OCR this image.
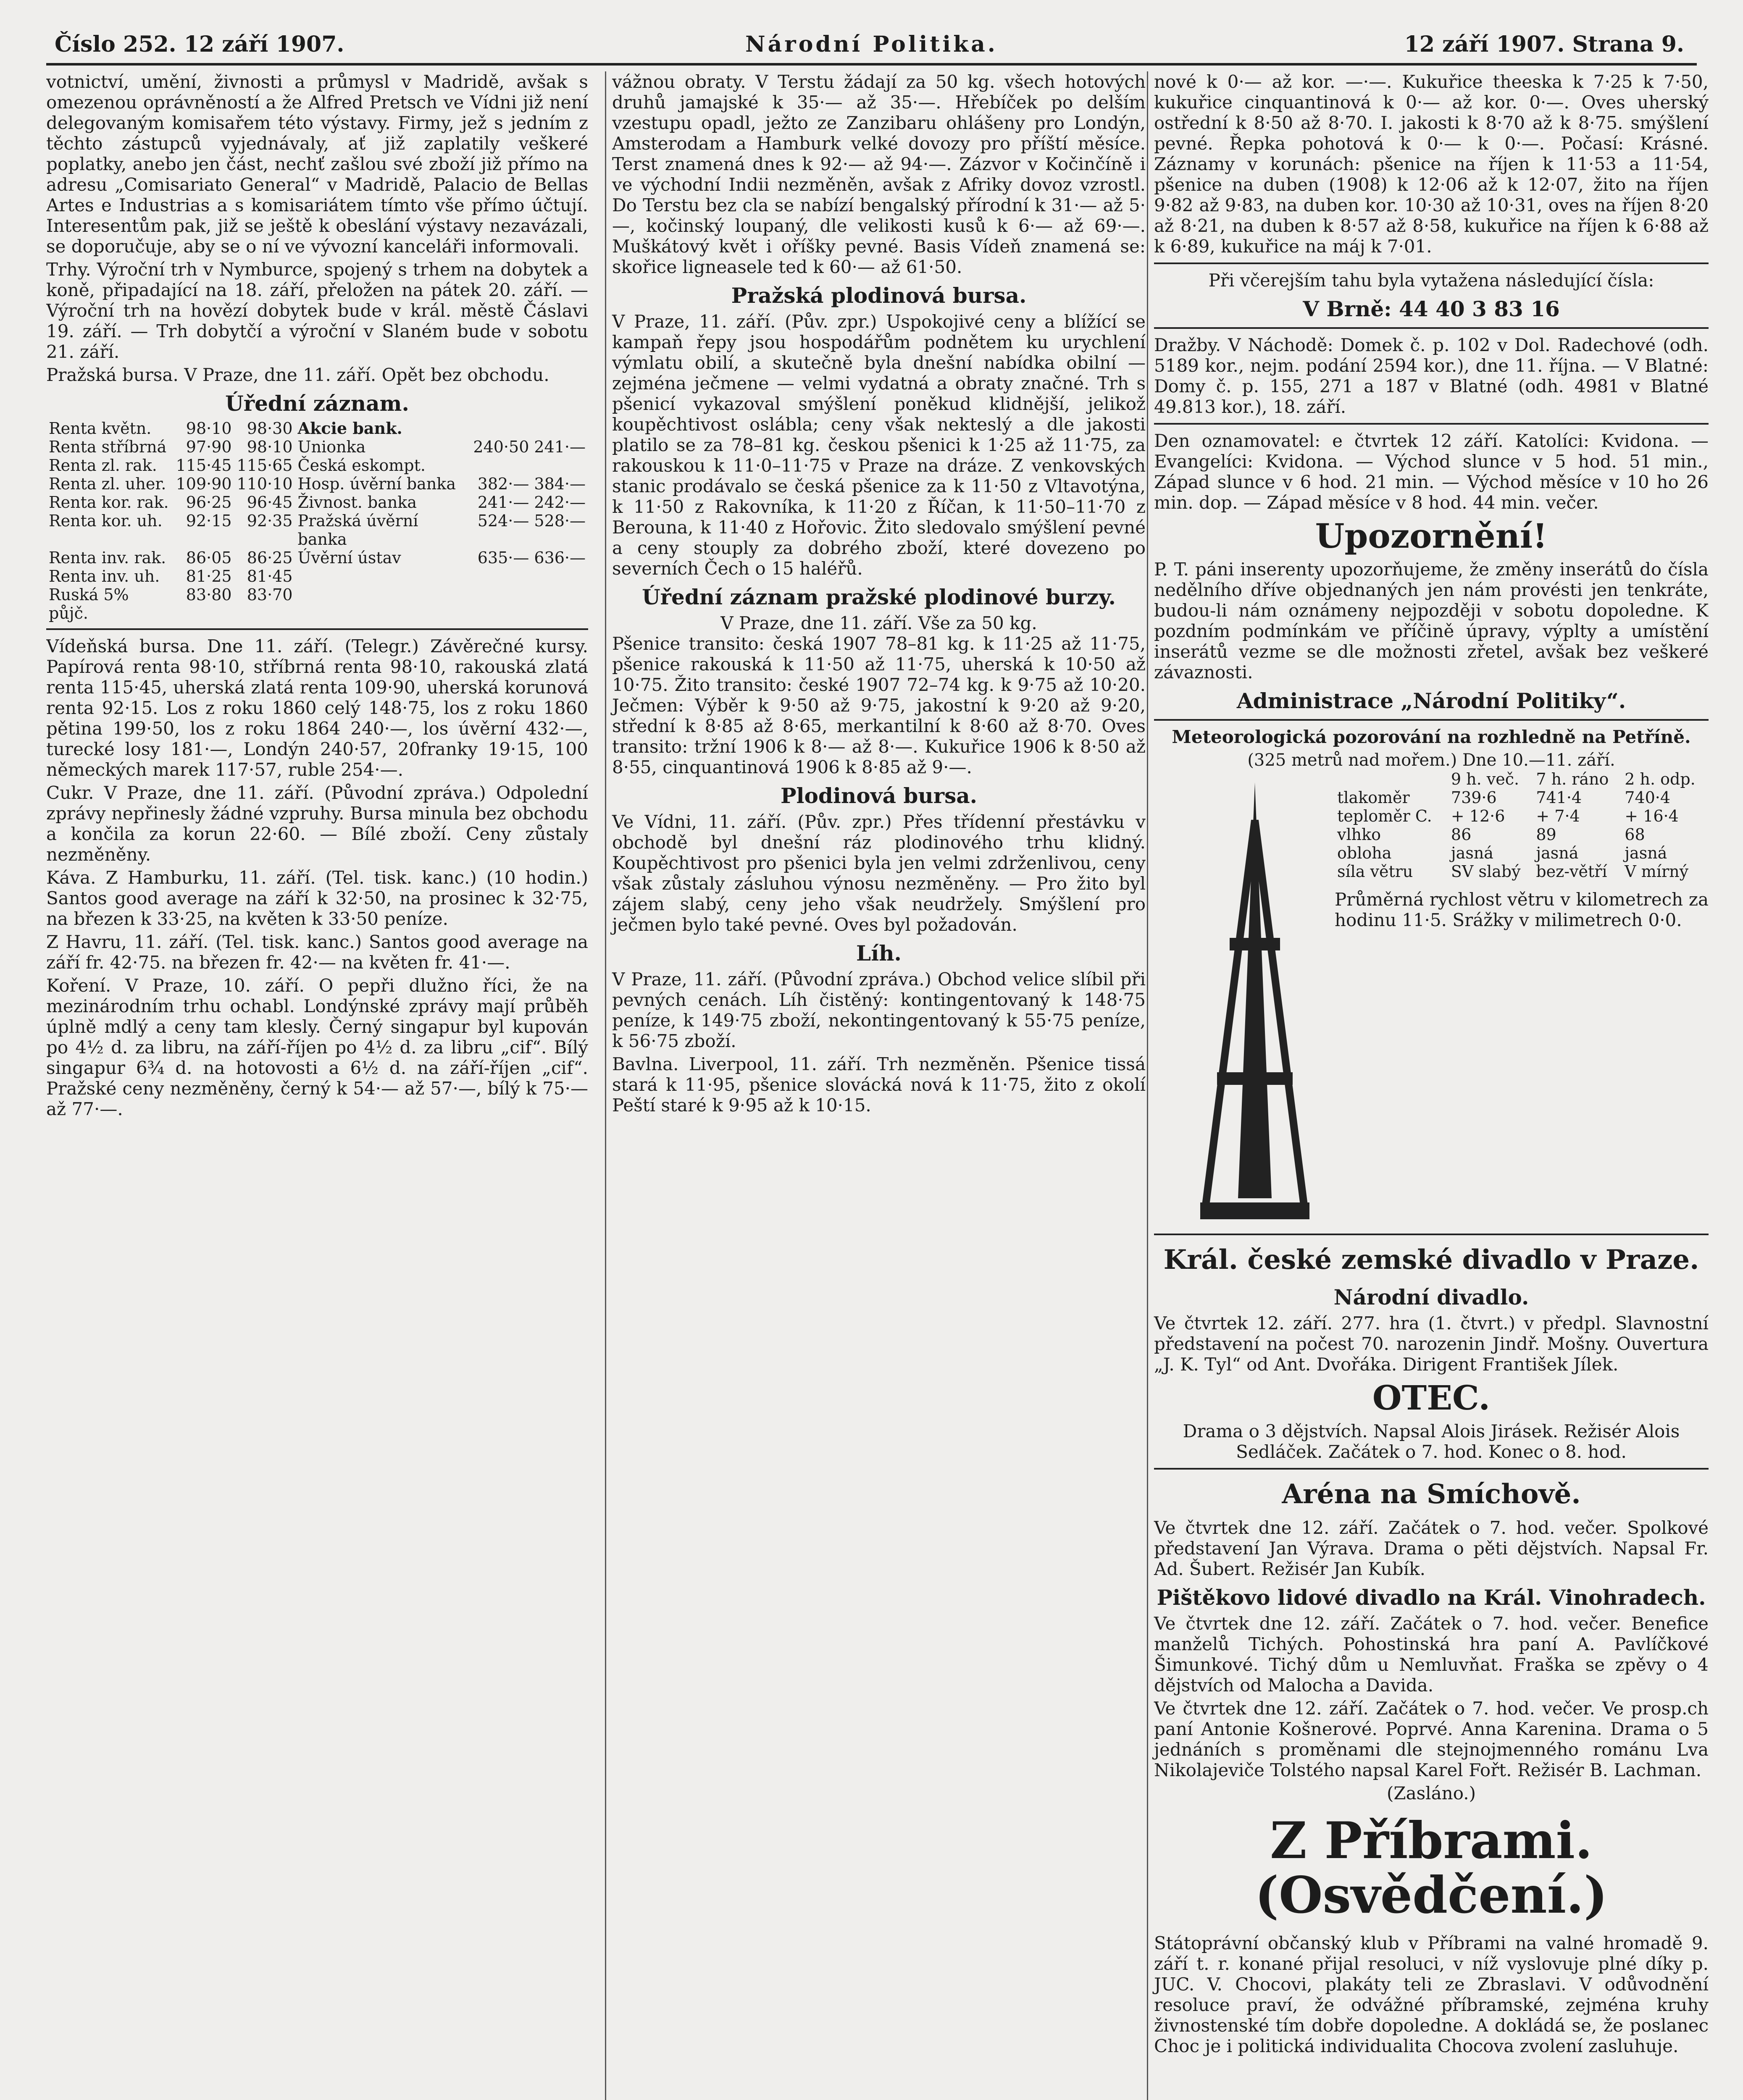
Číslo 252. 12 září 1907.	Národní Politika.	12 září 1907. Strana 9.

votnictví, umění, živnosti a průmysl v Madridě, avšak s omezenou oprávněností a že Alfred Pretsch ve Vídni již není delegovaným komisařem této výstavy. Firmy, jež s jedním z těchto zástupců vyjednávaly, ať již zaplatily veškeré poplatky, anebo jen část, nechť zašlou své zboží již přímo na adresu „Comisariato General“ v Madridě, Palacio de Bellas Artes e Industrias a s komisariátem tímto vše přímo účtují. Interesentům pak, již se ještě k obeslání výstavy nezavázali, se doporučuje, aby se o ní ve vývozní kanceláři informovali.

Trhy. Výroční trh v Nymburce, spojený s trhem na dobytek a koně, připadající na 18. září, přeložen na pátek 20. září. — Výroční trh na hovězí dobytek bude v král. městě Čáslavi 19. září. — Trh dobytčí a výroční v Slaném bude v sobotu 21. září.

Pražská bursa. V Praze, dne 11. září. Opět bez obchodu.

Úřední záznam.
Renta květn.	98·10	98·30	Akcie bank.		
Renta stříbrná	97·90	98·10	Unionka	240·50	241·—
Renta zl. rak.	115·45	115·65	Česká eskompt.		
Renta zl. uher.	109·90	110·10	Hosp. úvěrní banka	382·—	384·—
Renta kor. rak.	96·25	96·45	Živnost. banka	241·—	242·—
Renta kor. uh.	92·15	92·35	Pražská úvěrní banka	524·—	528·—
Renta inv. rak.	86·05	86·25	Úvěrní ústav	635·—	636·—
Renta inv. uh.	81·25	81·45			
Ruská 5% půjč.	83·80	83·70			

Vídeňská bursa. Dne 11. září. (Telegr.) Závěrečné kursy. Papírová renta 98·10, stříbrná renta 98·10, rakouská zlatá renta 115·45, uherská zlatá renta 109·90, uherská korunová renta 92·15. Los z roku 1860 celý 148·75, los z roku 1860 pětina 199·50, los z roku 1864 240·—, los úvěrní 432·—, turecké losy 181·—, Londýn 240·57, 20franky 19·15, 100 německých marek 117·57, ruble 254·—.

Cukr. V Praze, dne 11. září. (Původní zpráva.) Odpolední zprávy nepřinesly žádné vzpruhy. Bursa minula bez obchodu a končila za korun 22·60. — Bílé zboží. Ceny zůstaly nezměněny.

Káva. Z Hamburku, 11. září. (Tel. tisk. kanc.) (10 hodin.) Santos good average na září k 32·50, na prosinec k 32·75, na březen k 33·25, na květen k 33·50 peníze.

Z Havru, 11. září. (Tel. tisk. kanc.) Santos good average na září fr. 42·75. na březen fr. 42·— na květen fr. 41·—.

Koření. V Praze, 10. září. O pepři dlužno říci, že na mezinárodním trhu ochabl. Londýnské zprávy mají průběh úplně mdlý a ceny tam klesly. Černý singapur byl kupován po 4½ d. za libru, na září-říjen po 4½ d. za libru „cif“. Bílý singapur 6¾ d. na hotovosti a 6½ d. na září-říjen „cif“. Pražské ceny nezměněny, černý k 54·— až 57·—, bílý k 75·— až 77·—.

vážnou obraty. V Terstu žádají za 50 kg. všech hotových druhů jamajské k 35·— až 35·—. Hřebíček po delším vzestupu opadl, ježto ze Zanzibaru ohlášeny pro Londýn, Amsterodam a Hamburk velké dovozy pro příští měsíce. Terst znamená dnes k 92·— až 94·—. Zázvor v Kočinčíně i ve východní Indii nezměněn, avšak z Afriky dovoz vzrostl. Do Terstu bez cla se nabízí bengalský přírodní k 31·— až 5·—, kočinský loupaný, dle velikosti kusů k 6·— až 69·—. Muškátový květ i oříšky pevné. Basis Vídeň znamená se: skořice ligneasele ted k 60·— až 61·50.

Pražská plodinová bursa.

V Praze, 11. září. (Pův. zpr.) Uspokojivé ceny a blížící se kampaň řepy jsou hospodářům podnětem ku urychlení výmlatu obilí, a skutečně byla dnešní nabídka obilní — zejména ječmene — velmi vydatná a obraty značné. Trh s pšenicí vykazoval smýšlení poněkud klidnější, jelikož koupěchtivost oslábla; ceny však nekteslý a dle jakosti platilo se za 78–81 kg. českou pšenici k 1·25 až 11·75, za rakouskou k 11·0–11·75 v Praze na dráze. Z venkovských stanic prodávalo se česká pšenice za k 11·50 z Vltavotýna, k 11·50 z Rakovníka, k 11·20 z Říčan, k 11·50–11·70 z Berouna, k 11·40 z Hořovic. Žito sledovalo smýšlení pevné a ceny stouply za dobrého zboží, které dovezeno po severních Čech o 15 haléřů.

Úřední záznam pražské plodinové burzy.
V Praze, dne 11. září. Vše za 50 kg.

Pšenice transito: česká 1907 78–81 kg. k 11·25 až 11·75, pšenice rakouská k 11·50 až 11·75, uherská k 10·50 až 10·75. Žito transito: české 1907 72–74 kg. k 9·75 až 10·20. Ječmen: Výběr k 9·50 až 9·75, jakostní k 9·20 až 9·20, střední k 8·85 až 8·65, merkantilní k 8·60 až 8·70. Oves transito: tržní 1906 k 8·— až 8·—. Kukuřice 1906 k 8·50 až 8·55, cinquantinová 1906 k 8·85 až 9·—.

Plodinová bursa.

Ve Vídni, 11. září. (Pův. zpr.) Přes třídenní přestávku v obchodě byl dnešní ráz plodinového trhu klidný. Koupěchtivost pro pšenici byla jen velmi zdrženlivou, ceny však zůstaly zásluhou výnosu nezměněny. — Pro žito byl zájem slabý, ceny jeho však neudržely. Smýšlení pro ječmen bylo také pevné. Oves byl požadován.

Líh.

V Praze, 11. září. (Původní zpráva.) Obchod velice slíbil při pevných cenách. Líh čistěný: kontingentovaný k 148·75 peníze, k 149·75 zboží, nekontingentovaný k 55·75 peníze, k 56·75 zboží.

Bavlna. Liverpool, 11. září. Trh nezměněn. Pšenice tissá stará k 11·95, pšenice slovácká nová k 11·75, žito z okolí Peští staré k 9·95 až k 10·15.

nové k 0·— až kor. —·—. Kukuřice theeska k 7·25 k 7·50, kukuřice cinquantinová k 0·— až kor. 0·—. Oves uherský ostřední k 8·50 až 8·70. I. jakosti k 8·70 až k 8·75. smýšlení pevné. Řepka pohotová k 0·— k 0·—. Počasí: Krásné. Záznamy v korunách: pšenice na říjen k 11·53 a 11·54, pšenice na duben (1908) k 12·06 až k 12·07, žito na říjen 9·82 až 9·83, na duben kor. 10·30 až 10·31, oves na říjen 8·20 až 8·21, na duben k 8·57 až 8·58, kukuřice na říjen k 6·88 až k 6·89, kukuřice na máj k 7·01.

Při včerejším tahu byla vytažena následující čísla:

V Brně: 44 40 3 83 16

Dražby. V Náchodě: Domek č. p. 102 v Dol. Radechové (odh. 5189 kor., nejm. podání 2594 kor.), dne 11. října. — V Blatné: Domy č. p. 155, 271 a 187 v Blatné (odh. 4981 v Blatné 49.813 kor.), 18. září.

Den oznamovatel: e čtvrtek 12 září. Katolíci: Kvidona. — Evangelíci: Kvidona. — Východ slunce v 5 hod. 51 min., Západ slunce v 6 hod. 21 min. — Východ měsíce v 10 ho 26 min. dop. — Západ měsíce v 8 hod. 44 min. večer.

Upozornění!

P. T. páni inserenty upozorňujeme, že změny inserátů do čísla nedělního dříve objednaných jen nám provésti jen tenkráte, budou-li nám oznámeny nejpozději v sobotu dopoledne. K pozdním podmínkám ve příčině úpravy, výplty a umístění inserátů vezme se dle možnosti zřetel, avšak bez veškeré závaznosti.

Administrace „Národní Politiky“.
Meteorologická pozorování na rozhledně na Petříně.
(325 metrů nad mořem.) Dne 10.—11. září.
	9 h. več.	7 h. ráno	2 h. odp.
tlakoměr	739·6	741·4	740·4
teploměr C.	+ 12·6	+ 7·4	+ 16·4
vlhko	86	89	68
obloha	jasná	jasná	jasná
síla větru	SV slabý	bez-větří	V mírný

Průměrná rychlost větru v kilometrech za hodinu 11·5. Srážky v milimetrech 0·0.

Král. české zemské divadlo v Praze.
Národní divadlo.

Ve čtvrtek 12. září. 277. hra (1. čtvrt.) v předpl. Slavnostní představení na počest 70. narozenin Jindř. Mošny. Ouvertura „J. K. Tyl“ od Ant. Dvořáka. Dirigent František Jílek.

OTEC.

Drama o 3 dějstvích. Napsal Alois Jirásek. Režisér Alois Sedláček. Začátek o 7. hod. Konec o 8. hod.

Aréna na Smíchově.

Ve čtvrtek dne 12. září. Začátek o 7. hod. večer. Spolkové představení Jan Výrava. Drama o pěti dějstvích. Napsal Fr. Ad. Šubert. Režisér Jan Kubík.

Pištěkovo lidové divadlo na Král. Vinohradech.

Ve čtvrtek dne 12. září. Začátek o 7. hod. večer. Benefice manželů Tichých. Pohostinská hra paní A. Pavlíčkové Šimunkové. Tichý dům u Nemluvňat. Fraška se zpěvy o 4 dějstvích od Malocha a Davida.

Ve čtvrtek dne 12. září. Začátek o 7. hod. večer. Ve prosp.ch paní Antonie Košnerové. Poprvé. Anna Karenina. Drama o 5 jednáních s proměnami dle stejnojmenného románu Lva Nikolajeviče Tolstého napsal Karel Fořt. Režisér B. Lachman.

(Zasláno.)
Z Příbrami. (Osvědčení.)

Státoprávní občanský klub v Příbrami na valné hromadě 9. září t. r. konané přijal resoluci, v níž vyslovuje plné díky p. JUC. V. Chocovi, plakáty teli ze Zbraslavi. V odůvodnění resoluce praví, že odvážné příbramské, zejména kruhy živnostenské tím dobře dopoledne. A dokládá se, že poslanec Choc je i politická individualita Chocova zvolení zasluhuje.
